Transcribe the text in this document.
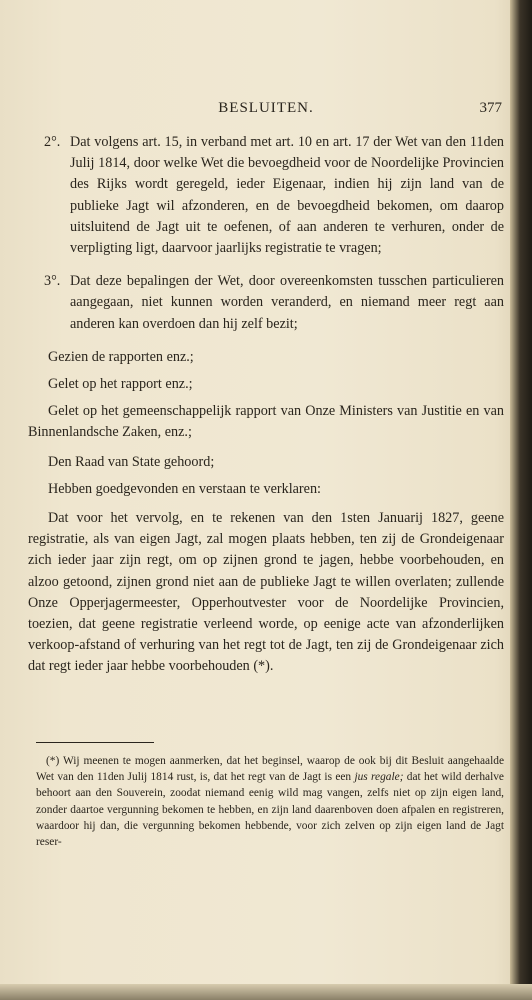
BESLUITEN.	377

2°. Dat volgens art. 15, in verband met art. 10 en art. 17 der Wet van den 11den Julij 1814, door welke Wet die bevoegdheid voor de Noordelijke Provincien des Rijks wordt geregeld, ieder Eigenaar, indien hij zijn land van de publieke Jagt wil afzonderen, en de bevoegdheid bekomen, om daarop uitsluitend de Jagt uit te oefenen, of aan anderen te verhuren, onder de verpligting ligt, daarvoor jaarlijks registratie te vragen;

3°. Dat deze bepalingen der Wet, door overeenkomsten tusschen particulieren aangegaan, niet kunnen worden veranderd, en niemand meer regt aan anderen kan overdoen dan hij zelf bezit;

Gezien de rapporten enz.;

Gelet op het rapport enz.;

Gelet op het gemeenschappelijk rapport van Onze Ministers van Justitie en van Binnenlandsche Zaken, enz.;

Den Raad van State gehoord;

Hebben goedgevonden en verstaan te verklaren:

Dat voor het vervolg, en te rekenen van den 1sten Januarij 1827, geene registratie, als van eigen Jagt, zal mogen plaats hebben, ten zij de Grondeigenaar zich ieder jaar zijn regt, om op zijnen grond te jagen, hebbe voorbehouden, en alzoo getoond, zijnen grond niet aan de publieke Jagt te willen overlaten; zullende Onze Opperjagermeester, Opperhoutvester voor de Noordelijke Provincien, toezien, dat geene registratie verleend worde, op eenige acte van afzonderlijken verkoop-afstand of verhuring van het regt tot de Jagt, ten zij de Grondeigenaar zich dat regt ieder jaar hebbe voorbehouden (*).

(*) Wij meenen te mogen aanmerken, dat het beginsel, waarop de ook bij dit Besluit aangehaalde Wet van den 11den Julij 1814 rust, is, dat het regt van de Jagt is een jus regale; dat het wild derhalve behoort aan den Souverein, zoodat niemand eenig wild mag vangen, zelfs niet op zijn eigen land, zonder daartoe vergunning bekomen te hebben, en zijn land daarenboven doen afpalen en registreren, waardoor hij dan, die vergunning bekomen hebbende, voor zich zelven op zijn eigen land de Jagt reser-
